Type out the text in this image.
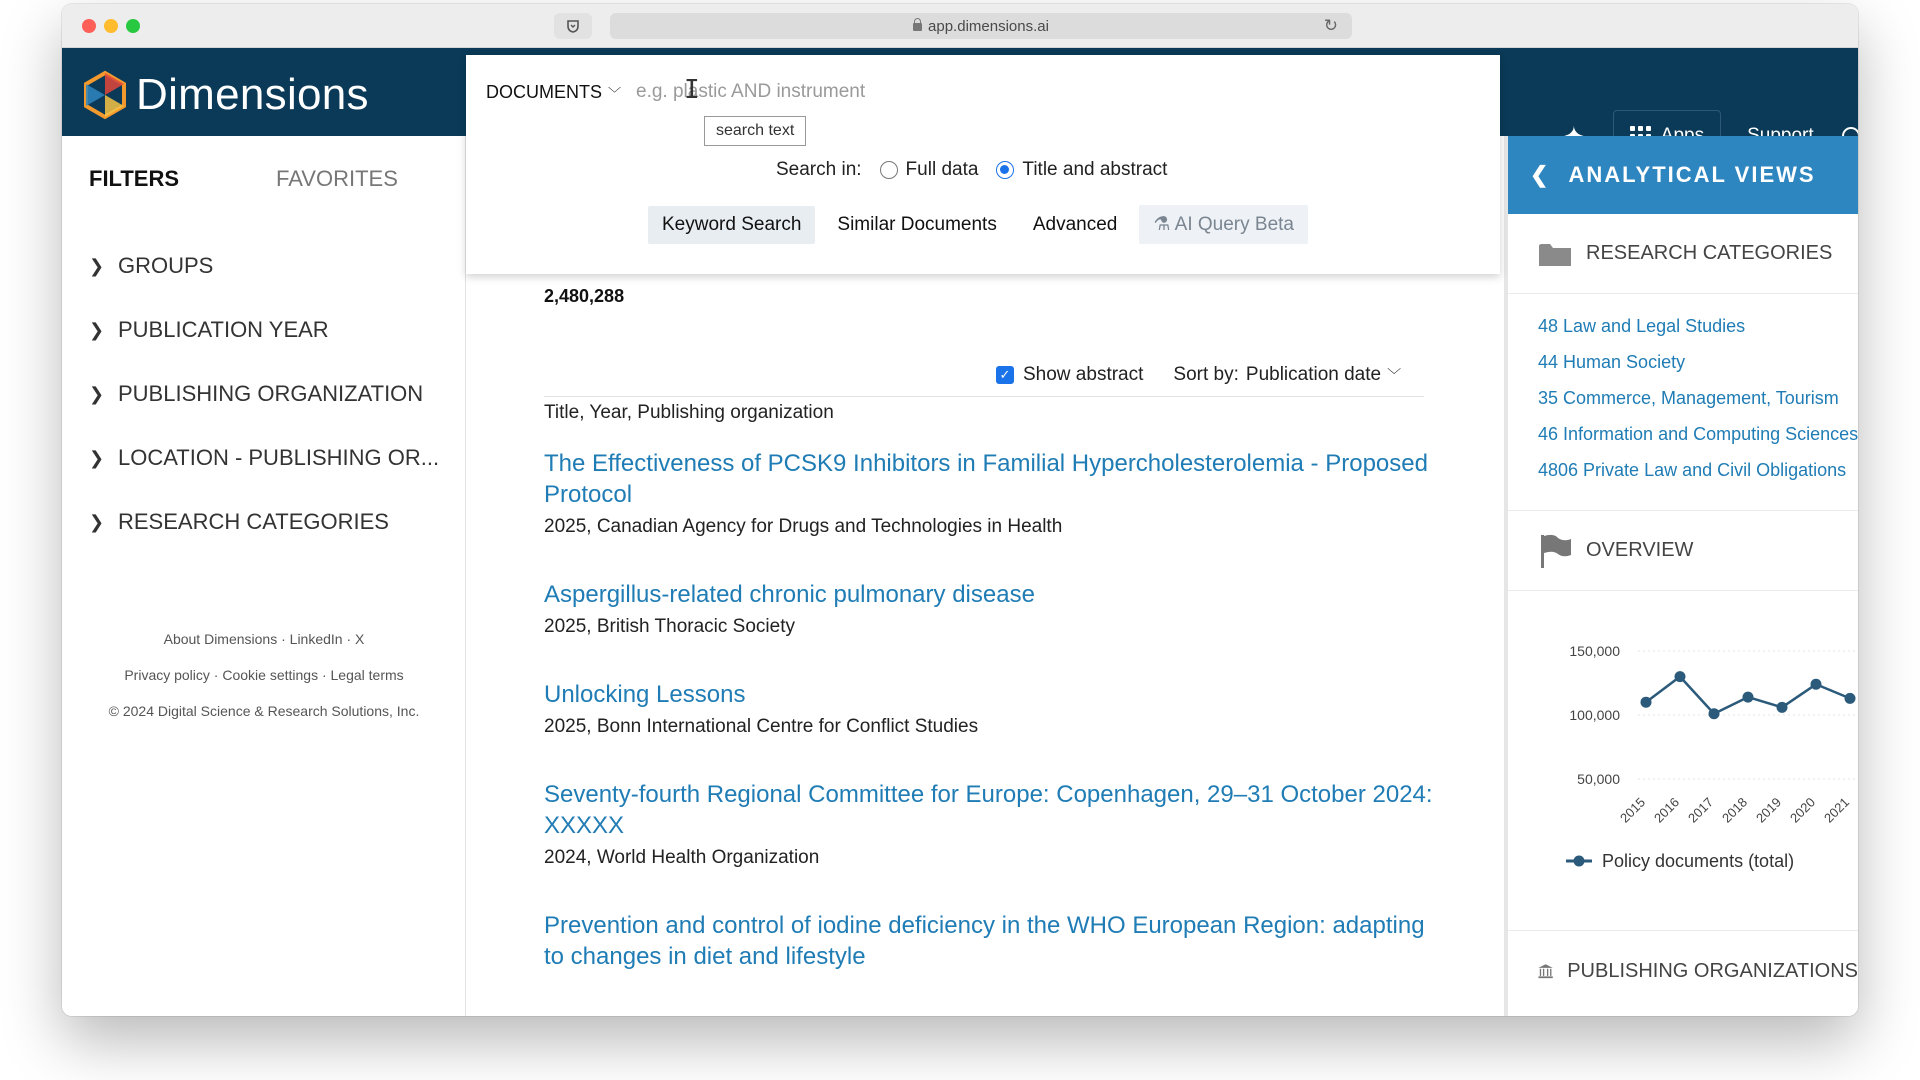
app.dimensions.ai	↻
Dimensions
FILTERS	FAVORITES
❯ GROUPS
❯ PUBLICATION YEAR
❯ PUBLISHING ORGANIZATION
❯ LOCATION - PUBLISHING OR...
❯ RESEARCH CATEGORIES
About Dimensions · LinkedIn · X
Privacy policy · Cookie settings · Legal terms
© 2024 Digital Science & Research Solutions, Inc.
2,480,288
✓ Show abstract Sort by: Publication date ﹀
Title, Year, Publishing organization
The Effectiveness of PCSK9 Inhibitors in Familial Hypercholesterolemia - Proposed Protocol
2025, Canadian Agency for Drugs and Technologies in Health
Aspergillus-related chronic pulmonary disease
2025, British Thoracic Society
Unlocking Lessons
2025, Bonn International Centre for Conflict Studies
Seventy-fourth Regional Committee for Europe: Copenhagen, 29–31 October 2024: XXXXX
2024, World Health Organization
Prevention and control of iodine deficiency in the WHO European Region: adapting to changes in diet and lifestyle
DOCUMENTS ﹀
e.g. plastic AND instrument I
search text
Search in: Full data Title and abstract
Keyword Search	Similar Documents	Advanced	⚗ AI Query Beta
❮ ANALYTICAL VIEWS
RESEARCH CATEGORIES
48 Law and Legal Studies
44 Human Society
35 Commerce, Management, Tourism
46 Information and Computing Sciences
4806 Private Law and Civil Obligations
OVERVIEW
150,000
100,000
50,000
2015 2016 2017 2018 2019 2020 2021
Policy documents (total)
PUBLISHING ORGANIZATIONS
